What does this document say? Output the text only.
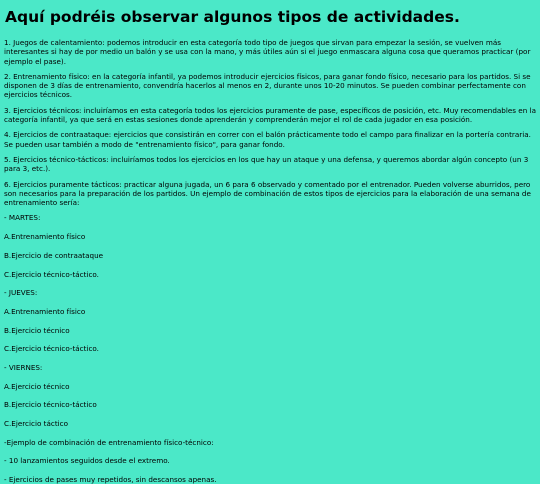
Aquí podréis observar algunos tipos de actividades.

1. Juegos de calentamiento: podemos introducir en esta categoría todo tipo de juegos que sirvan para empezar la sesión, se vuelven más interesantes si hay de por medio un balón y se usa con la mano, y más útiles aún si el juego enmascara alguna cosa que queramos practicar (por ejemplo el pase).

2. Entrenamiento físico: en la categoría infantil, ya podemos introducir ejercicios físicos, para ganar fondo físico, necesario para los partidos. Si se disponen de 3 días de entrenamiento, convendría hacerlos al menos en 2, durante unos 10-20 minutos. Se pueden combinar perfectamente con ejercicios técnicos.

3. Ejercicios técnicos: incluiríamos en esta categoría todos los ejercicios puramente de pase, específicos de posición, etc. Muy recomendables en la categoría infantil, ya que será en estas sesiones donde aprenderán y comprenderán mejor el rol de cada jugador en esa posición.

4. Ejercicios de contraataque: ejercicios que consistirán en correr con el balón prácticamente todo el campo para finalizar en la portería contraria. Se pueden usar también a modo de "entrenamiento físico", para ganar fondo.

5. Ejercicios técnico-tácticos: incluiríamos todos los ejercicios en los que hay un ataque y una defensa, y queremos abordar algún concepto (un 3 para 3, etc.).

6. Ejercicios puramente tácticos: practicar alguna jugada, un 6 para 6 observado y comentado por el entrenador. Pueden volverse aburridos, pero son necesarios para la preparación de los partidos. Un ejemplo de combinación de estos tipos de ejercicios para la elaboración de una semana de entrenamiento sería:

- MARTES:

A.Entrenamiento físico

B.Ejercicio de contraataque

C.Ejercicio técnico-táctico.

- JUEVES:

A.Entrenamiento físico

B.Ejercicio técnico

C.Ejercicio técnico-táctico.

- VIERNES:

A.Ejercicio técnico

B.Ejercicio técnico-táctico

C.Ejercicio táctico

-Ejemplo de combinación de entrenamiento físico-técnico:

- 10 lanzamientos seguidos desde el extremo.

- Ejercicios de pases muy repetidos, sin descansos apenas.
